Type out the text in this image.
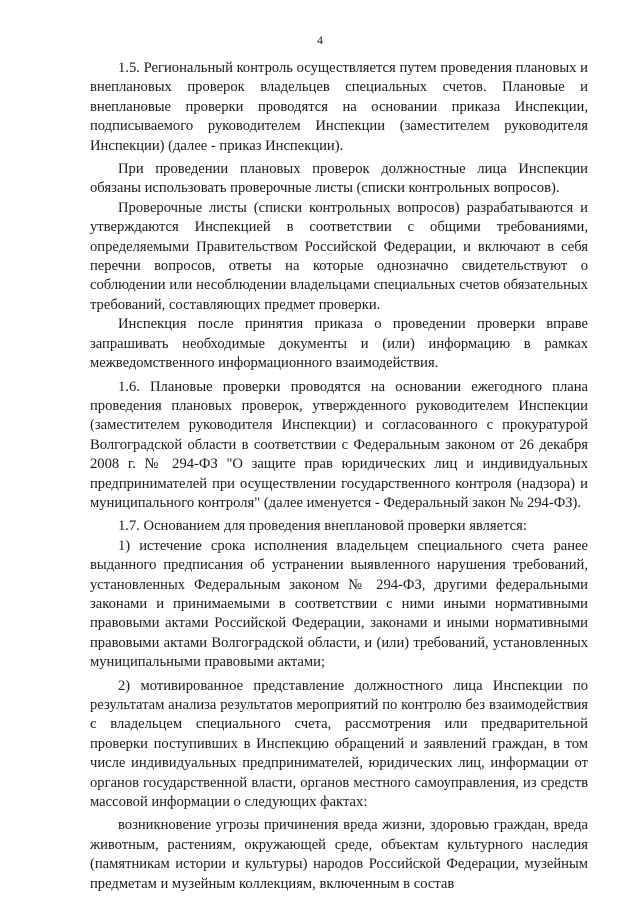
4

1.5. Региональный контроль осуществляется путем проведения плановых и внеплановых проверок владельцев специальных счетов. Плановые и внеплановые проверки проводятся на основании приказа Инспекции, подписываемого руководителем Инспекции (заместителем руководителя Инспекции) (далее - приказ Инспекции).

При проведении плановых проверок должностные лица Инспекции обязаны использовать проверочные листы (списки контрольных вопросов).

Проверочные листы (списки контрольных вопросов) разрабатываются и утверждаются Инспекцией в соответствии с общими требованиями, определяемыми Правительством Российской Федерации, и включают в себя перечни вопросов, ответы на которые однозначно свидетельствуют о соблюдении или несоблюдении владельцами специальных счетов обязательных требований, составляющих предмет проверки.

Инспекция после принятия приказа о проведении проверки вправе запрашивать необходимые документы и (или) информацию в рамках межведомственного информационного взаимодействия.

1.6. Плановые проверки проводятся на основании ежегодного плана проведения плановых проверок, утвержденного руководителем Инспекции (заместителем руководителя Инспекции) и согласованного с прокуратурой Волгоградской области в соответствии с Федеральным законом от 26 декабря 2008 г. № 294-ФЗ "О защите прав юридических лиц и индивидуальных предпринимателей при осуществлении государственного контроля (надзора) и муниципального контроля" (далее именуется - Федеральный закон № 294-ФЗ).

1.7. Основанием для проведения внеплановой проверки является:

1) истечение срока исполнения владельцем специального счета ранее выданного предписания об устранении выявленного нарушения требований, установленных Федеральным законом № 294-ФЗ, другими федеральными законами и принимаемыми в соответствии с ними иными нормативными правовыми актами Российской Федерации, законами и иными нормативными правовыми актами Волгоградской области, и (или) требований, установленных муниципальными правовыми актами;

2) мотивированное представление должностного лица Инспекции по результатам анализа результатов мероприятий по контролю без взаимодействия с владельцем специального счета, рассмотрения или предварительной проверки поступивших в Инспекцию обращений и заявлений граждан, в том числе индивидуальных предпринимателей, юридических лиц, информации от органов государственной власти, органов местного самоуправления, из средств массовой информации о следующих фактах:

возникновение угрозы причинения вреда жизни, здоровью граждан, вреда животным, растениям, окружающей среде, объектам культурного наследия (памятникам истории и культуры) народов Российской Федерации, музейным предметам и музейным коллекциям, включенным в состав
